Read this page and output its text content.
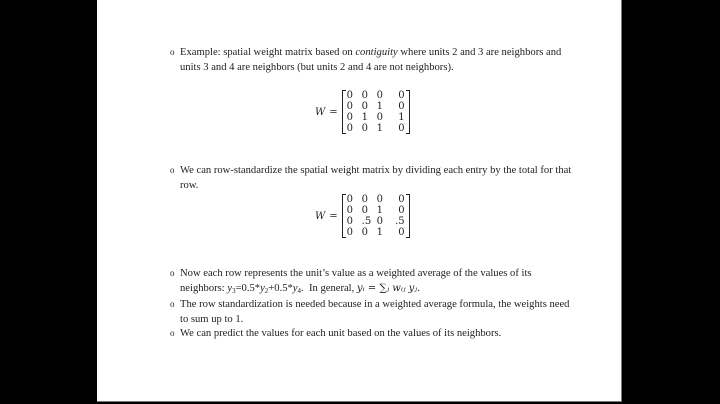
o Example: spatial weight matrix based on contiguity where units 2 and 3 are neighbors and
units 3 and 4 are neighbors (but units 2 and 4 are not neighbors).
W =
0 0 0	0
0 0 1	0
0 1 0	1
0 0 1	0
o We can row-standardize the spatial weight matrix by dividing each entry by the total for that
row.
W =
0 0 0	0
0 0 1	0
0 .5 0	.5
0 0 1	0
o Now each row represents the unit’s value as a weighted average of the values of its
neighbors: $y_3=0.5*y_2+0.5*y_4$.  In general, yᵢ = ∑ⱼ wᵢⱼ yⱼ.
o The row standardization is needed because in a weighted average formula, the weights need
to sum up to 1.
o We can predict the values for each unit based on the values of its neighbors.
